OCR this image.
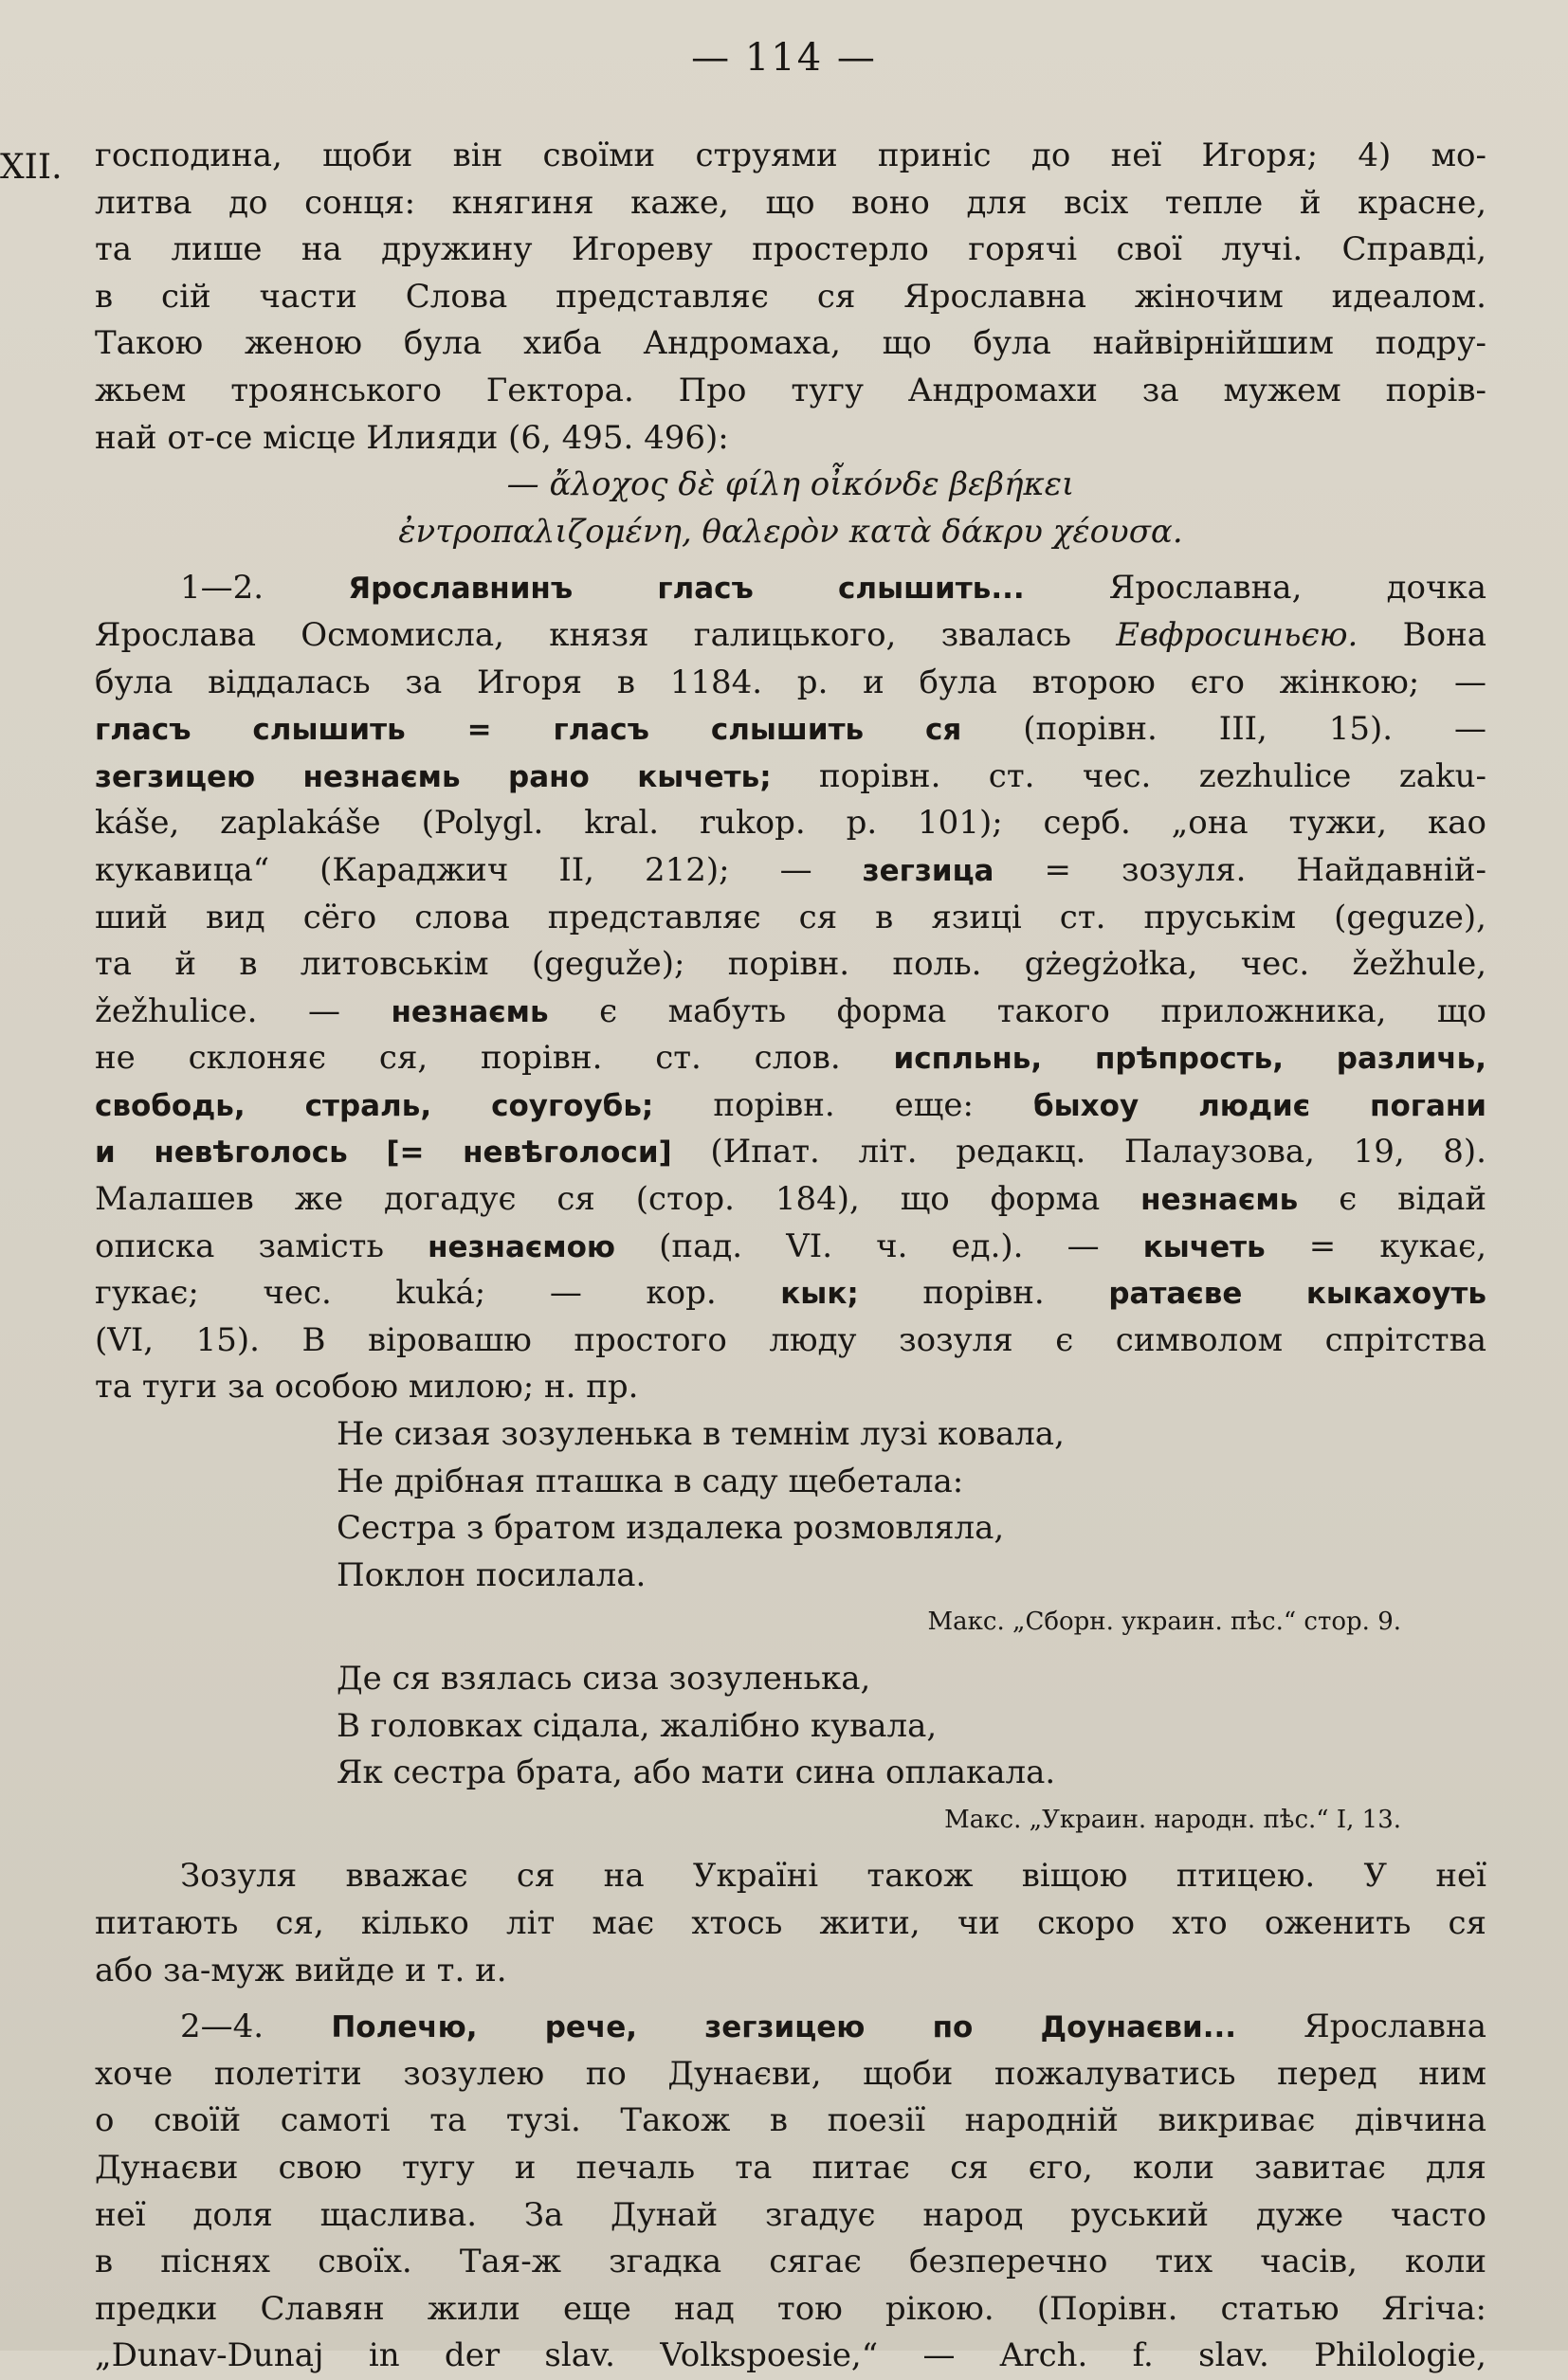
— 114 —
XII. господина, щоби він своїми струями приніс до неї Игоря; 4) мо-
литва до сонця: княгиня каже, що воно для всіх тепле й красне,
та лише на дружину Игореву простерло горячі свої лучі. Справді,
в сій части Слова представляє ся Ярославна жіночим идеалом.
Такою женою була хиба Андромаха, що була найвірнійшим подру-
жьем троянського Гектора. Про тугу Андромахи за мужем порів-
най от-се місце Илияди (6, 495. 496):
— ἄλοχος δὲ φίλη οἶκόνδε βεβήκει
ἐντροπαλιζομένη, θαλερὸν κατὰ δάκρυ χέουσα.
1—2.	Ярославнинъ гласъ слышить...	Ярославна, дочка
Ярослава Осмомисла, князя галицького, звалась Евфросиньєю. Вона
була віддалась за Игоря в 1184. р. и була второю єго жінкою; —
гласъ слышить = гласъ слышить ся (порівн. III, 15). —
зегзицею незнаємь рано кычеть; порівн. ст. чес. zezhulice zaku-
káše, zaplakáše (Polygl. kral. rukop. p. 101); серб. „она тужи, као
кукавица“ (Караджич II, 212); — зегзица = зозуля. Найдавній-
ший вид сёго слова представляє ся в язиці ст. пруськім (geguze),
та й в литовськім (geguže); порівн. поль. gżegżołka, чес. žežhule,
žežhulice. — незнаємь є мабуть форма такого приложника, що
не склоняє ся, порівн. ст. слов. испльнь, прѣпрость, различь,
свободь, страль, соугоубь; порівн. еще: быхоу людиє погани
и невѣголось [= невѣголоси] (Ипат. літ. редакц. Палаузова, 19, 8).
Малашев же догадує ся (стор. 184), що форма незнаємь є відай
описка замість незнаємою (пад. VI. ч. ед.). — кычеть = кукає,
гукає; чес. kuká; — кор. кык; порівн. ратаєве кыкахоуть
(VI, 15). В віровашю простого люду зозуля є символом спрітства
та туги за особою милою; н. пр.
Не сизая зозуленька в темнім лузі ковала,
Не дрібная пташка в саду щебетала:
Сестра з братом издалека розмовляла,
Поклон посилала.
Макс. „Сборн. украин. пѣс.“ стор. 9.
Де ся взялась сиза зозуленька,
В головках сідала, жалібно кувала,
Як сестра брата, або мати сина оплакала.
Макс. „Украин. народн. пѣс.“ I, 13.
Зозуля вважає ся на Україні також віщою птицею. У неї
питають ся, кілько літ має хтось жити, чи скоро хто оженить ся
або за-муж вийде и т. и.
2—4. Полечю, рече, зегзицею по Доунаєви... Ярославна
хоче полетіти зозулею по Дунаєви, щоби пожалуватись перед ним
о своїй самоті та тузі. Також в поезії народній викриває дівчина
Дунаєви свою тугу и печаль та питає ся єго, коли завитає для
неї доля щаслива. За Дунай згадує народ руський дуже часто
в піснях своїх. Тая-ж згадка сягає безперечно тих часів, коли
предки Славян жили еще над тою рікою. (Порівн. статью Ягіча:
„Dunav-Dunaj in der slav. Volkspoesie,“ — Arch. f. slav. Philologie,
